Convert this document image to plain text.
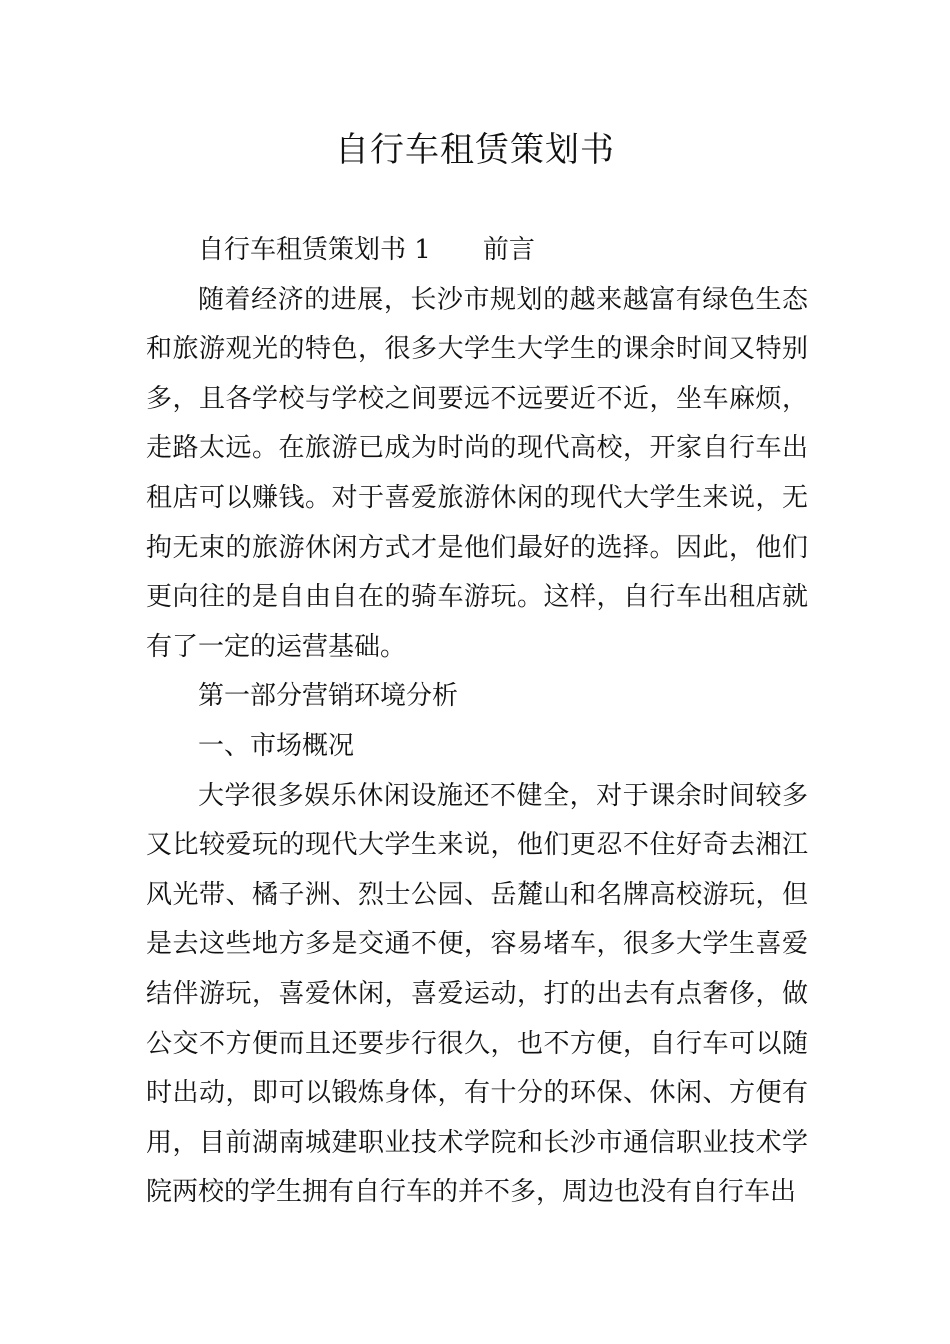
自行车租赁策划书

自行车租赁策划书 1 前言

随着经济的进展，长沙市规划的越来越富有绿色生态和旅游观光的特色，很多大学生大学生的课余时间又特别多，且各学校与学校之间要远不远要近不近，坐车麻烦，走路太远。在旅游已成为时尚的现代高校，开家自行车出租店可以赚钱。对于喜爱旅游休闲的现代大学生来说，无拘无束的旅游休闲方式才是他们最好的选择。因此，他们更向往的是自由自在的骑车游玩。这样，自行车出租店就有了一定的运营基础。

第一部分营销环境分析

一、市场概况

大学很多娱乐休闲设施还不健全，对于课余时间较多又比较爱玩的现代大学生来说，他们更忍不住好奇去湘江风光带、橘子洲、烈士公园、岳麓山和名牌高校游玩，但是去这些地方多是交通不便，容易堵车，很多大学生喜爱结伴游玩，喜爱休闲，喜爱运动，打的出去有点奢侈，做公交不方便而且还要步行很久，也不方便，自行车可以随时出动，即可以锻炼身体，有十分的环保、休闲、方便有用，目前湖南城建职业技术学院和长沙市通信职业技术学院两校的学生拥有自行车的并不多，周边也没有自行车出
